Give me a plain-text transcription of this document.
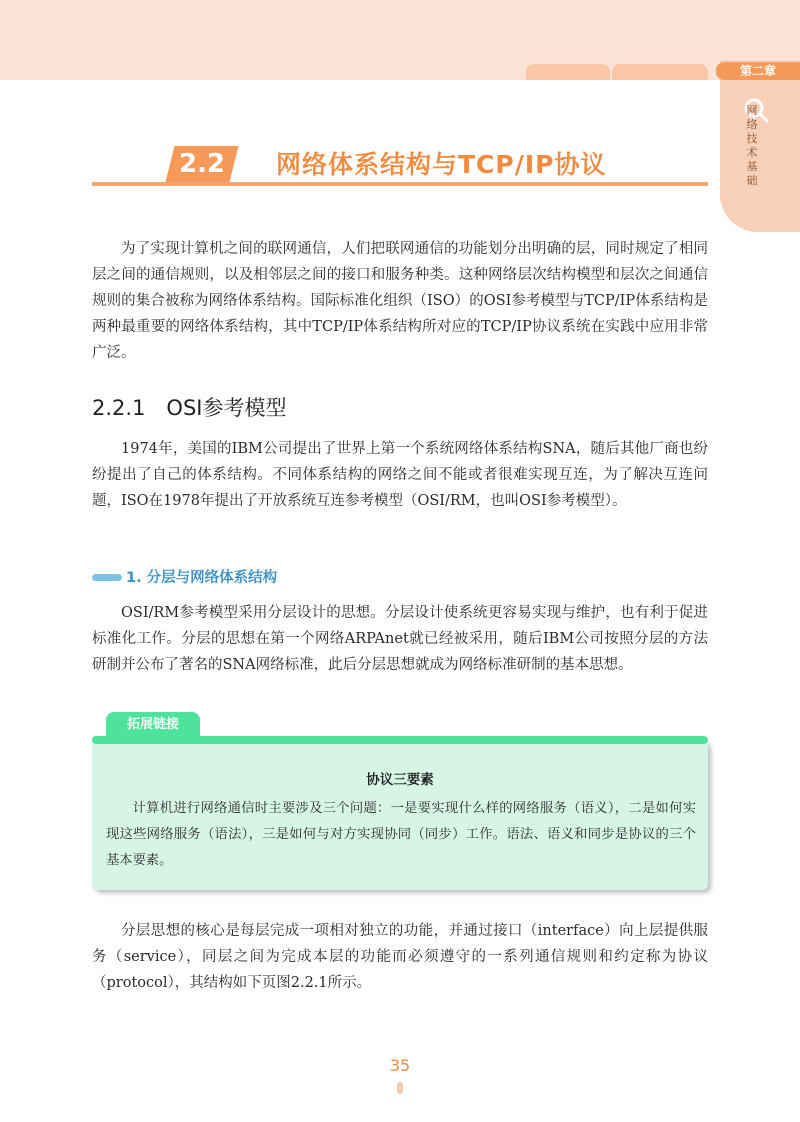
第二章
网络技术基础
2.2	网络体系结构与TCP/IP协议
为了实现计算机之间的联网通信，人们把联网通信的功能划分出明确的层，同时规定了相同层之间的通信规则，以及相邻层之间的接口和服务种类。这种网络层次结构模型和层次之间通信规则的集合被称为网络体系结构。国际标准化组织（ISO）的OSI参考模型与TCP/IP体系结构是两种最重要的网络体系结构，其中TCP/IP体系结构所对应的TCP/IP协议系统在实践中应用非常广泛。
2.2.1　OSI参考模型
1974年，美国的IBM公司提出了世界上第一个系统网络体系结构SNA，随后其他厂商也纷纷提出了自己的体系结构。不同体系结构的网络之间不能或者很难实现互连，为了解决互连问题，ISO在1978年提出了开放系统互连参考模型（OSI/RM，也叫OSI参考模型）。
1. 分层与网络体系结构
OSI/RM参考模型采用分层设计的思想。分层设计使系统更容易实现与维护，也有利于促进标准化工作。分层的思想在第一个网络ARPAnet就已经被采用，随后IBM公司按照分层的方法研制并公布了著名的SNA网络标准，此后分层思想就成为网络标准研制的基本思想。
拓展链接
协议三要素
计算机进行网络通信时主要涉及三个问题：一是要实现什么样的网络服务（语义），二是如何实现这些网络服务（语法），三是如何与对方实现协同（同步）工作。语法、语义和同步是协议的三个基本要素。
分层思想的核心是每层完成一项相对独立的功能，并通过接口（interface）向上层提供服务（service），同层之间为完成本层的功能而必须遵守的一系列通信规则和约定称为协议（protocol），其结构如下页图2.2.1所示。
35
